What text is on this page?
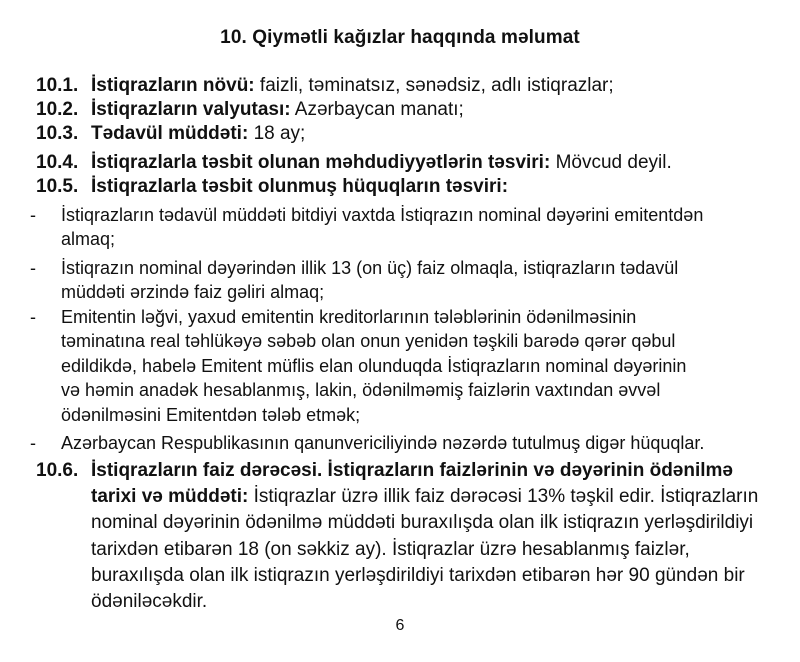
10. Qiymətli kağızlar haqqında məlumat
10.1. İstiqrazların növü: faizli, təminatsız, sənədsiz, adlı istiqrazlar;
10.2. İstiqrazların valyutası: Azərbaycan manatı;
10.3. Tədavül müddəti: 18 ay;
10.4. İstiqrazlarla təsbit olunan məhdudiyyətlərin təsviri: Mövcud deyil.
10.5. İstiqrazlarla təsbit olunmuş hüquqların təsviri:
- İstiqrazların tədavül müddəti bitdiyi vaxtda İstiqrazın nominal dəyərini emitentdən
almaq;
- İstiqrazın nominal dəyərindən illik 13 (on üç) faiz olmaqla, istiqrazların tədavül
müddəti ərzində faiz gəliri almaq;
- Emitentin ləğvi, yaxud emitentin kreditorlarının tələblərinin ödənilməsinin
təminatına real təhlükəyə səbəb olan onun yenidən təşkili barədə qərər qəbul
edildikdə, habelə Emitent müflis elan olunduqda İstiqrazların nominal dəyərinin
və həmin anadək hesablanmış, lakin, ödənilməmiş faizlərin vaxtından əvvəl
ödənilməsini Emitentdən tələb etmək;
- Azərbaycan Respublikasının qanunvericiliyində nəzərdə tutulmuş digər hüquqlar.
10.6. İstiqrazların faiz dərəcəsi. İstiqrazların faizlərinin və dəyərinin ödənilmə
tarixi və müddəti: İstiqrazlar üzrə illik faiz dərəcəsi 13% təşkil edir. İstiqrazların
nominal dəyərinin ödənilmə müddəti buraxılışda olan ilk istiqrazın yerləşdirildiyi
tarixdən etibarən 18 (on səkkiz ay). İstiqrazlar üzrə hesablanmış faizlər,
buraxılışda olan ilk istiqrazın yerləşdirildiyi tarixdən etibarən hər 90 gündən bir
ödəniləcəkdir.
6
